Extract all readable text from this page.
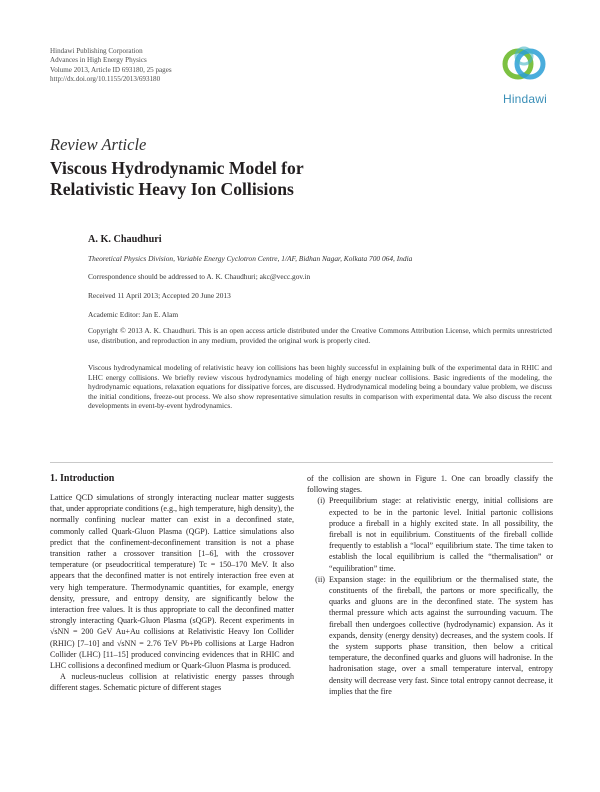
Hindawi Publishing Corporation
Advances in High Energy Physics
Volume 2013, Article ID 693180, 25 pages
http://dx.doi.org/10.1155/2013/693180
Hindawi
Review Article
Viscous Hydrodynamic Model for
Relativistic Heavy Ion Collisions
A. K. Chaudhuri
Theoretical Physics Division, Variable Energy Cyclotron Centre, 1/AF, Bidhan Nagar, Kolkata 700 064, India
Correspondence should be addressed to A. K. Chaudhuri; akc@vecc.gov.in
Received 11 April 2013; Accepted 20 June 2013
Academic Editor: Jan E. Alam
Copyright © 2013 A. K. Chaudhuri. This is an open access article distributed under the Creative Commons Attribution License, which permits unrestricted use, distribution, and reproduction in any medium, provided the original work is properly cited.
Viscous hydrodynamical modeling of relativistic heavy ion collisions has been highly successful in explaining bulk of the experimental data in RHIC and LHC energy collisions. We briefly review viscous hydrodynamics modeling of high energy nuclear collisions. Basic ingredients of the modeling, the hydrodynamic equations, relaxation equations for dissipative forces, are discussed. Hydrodynamical modeling being a boundary value problem, we discuss the initial conditions, freeze-out process. We also show representative simulation results in comparison with experimental data. We also discuss the recent developments in event-by-event hydrodynamics.
1. Introduction

Lattice QCD simulations of strongly interacting nuclear matter suggests that, under appropriate conditions (e.g., high temperature, high density), the normally confining nuclear matter can exist in a deconfined state, commonly called Quark-Gluon Plasma (QGP). Lattice simulations also predict that the confinement-deconfinement transition is not a phase transition rather a crossover transition [1–6], with the crossover temperature (or pseudocritical temperature) Tc = 150–170 MeV. It also appears that the deconfined matter is not entirely interaction free even at very high temperature. Thermodynamic quantities, for example, energy density, pressure, and entropy density, are significantly below the interaction free values. It is thus appropriate to call the deconfined matter strongly interacting Quark-Gluon Plasma (sQGP). Recent experiments in √sNN = 200 GeV Au+Au collisions at Relativistic Heavy Ion Collider (RHIC) [7–10] and √sNN = 2.76 TeV Pb+Pb collisions at Large Hadron Collider (LHC) [11–15] produced convincing evidences that in RHIC and LHC collisions a deconfined medium or Quark-Gluon Plasma is produced.

A nucleus-nucleus collision at relativistic energy passes through different stages. Schematic picture of different stages

of the collision are shown in Figure 1. One can broadly classify the following stages.

(i) Preequilibrium stage: at relativistic energy, initial collisions are expected to be in the partonic level. Initial partonic collisions produce a fireball in a highly excited state. In all possibility, the fireball is not in equilibrium. Constituents of the fireball collide frequently to establish a “local” equilibrium state. The time taken to establish the local equilibrium is called the “thermalisation” or “equilibration” time.
(ii) Expansion stage: in the equilibrium or the thermalised state, the constituents of the fireball, the partons or more specifically, the quarks and gluons are in the deconfined state. The system has thermal pressure which acts against the surrounding vacuum. The fireball then undergoes collective (hydrodynamic) expansion. As it expands, density (energy density) decreases, and the system cools. If the system supports phase transition, then below a critical temperature, the deconfined quarks and gluons will hadronise. In the hadronisation stage, over a small temperature interval, entropy density will decrease very fast. Since total entropy cannot decrease, it implies that the fire
